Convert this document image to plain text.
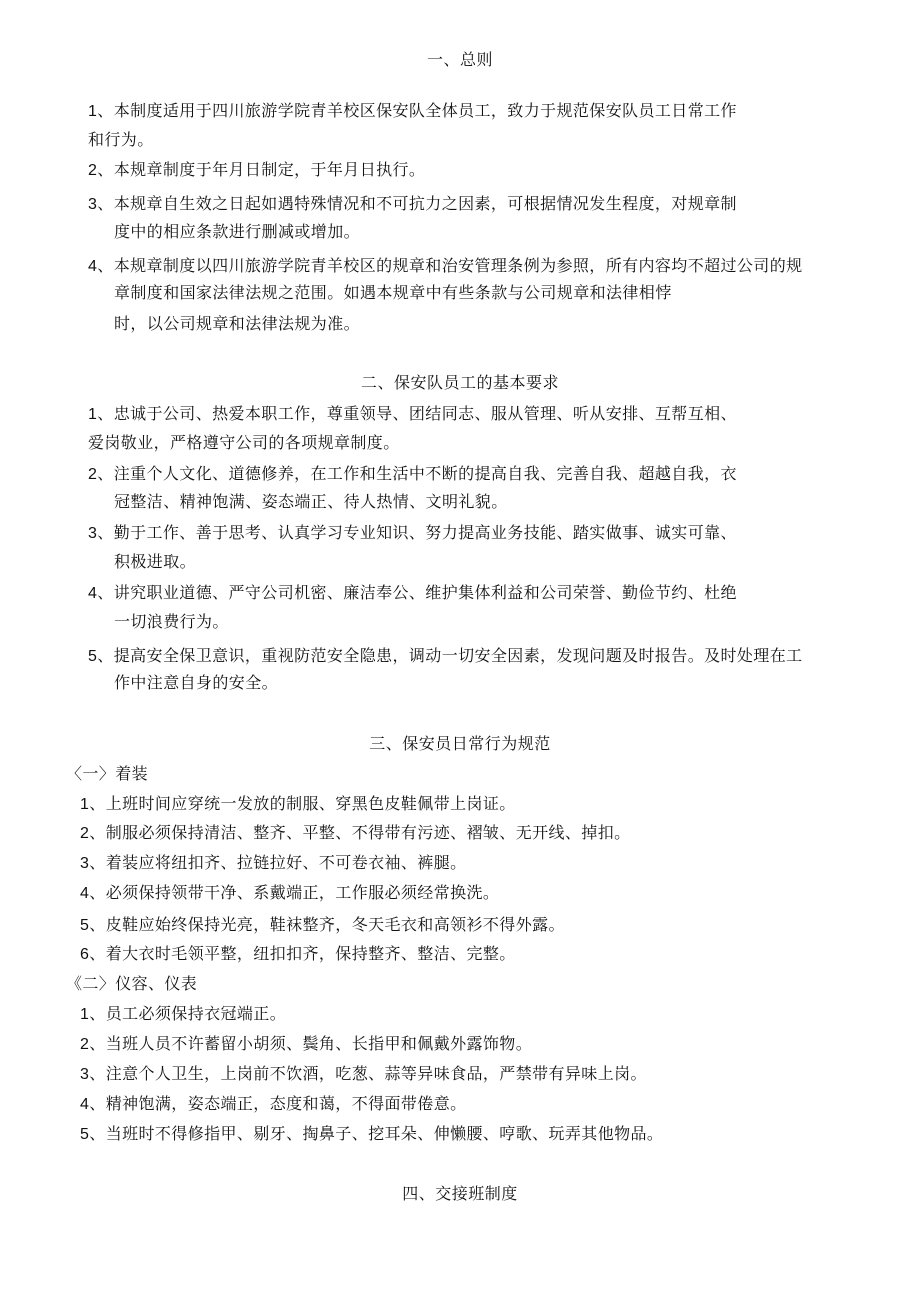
一、总则
1、本制度适用于四川旅游学院青羊校区保安队全体员工，致力于规范保安队员工日常工作
和行为。
2、本规章制度于年月日制定，于年月日执行。
3、本规章自生效之日起如遇特殊情况和不可抗力之因素，可根据情况发生程度，对规章制
度中的相应条款进行删减或增加。
4、本规章制度以四川旅游学院青羊校区的规章和治安管理条例为参照，所有内容均不超过公司的规
章制度和国家法律法规之范围。如遇本规章中有些条款与公司规章和法律相悖
时，以公司规章和法律法规为准。
二、保安队员工的基本要求
1、忠诚于公司、热爱本职工作，尊重领导、团结同志、服从管理、听从安排、互帮互相、
爱岗敬业，严格遵守公司的各项规章制度。
2、注重个人文化、道德修养，在工作和生活中不断的提高自我、完善自我、超越自我，衣
冠整洁、精神饱满、姿态端正、待人热情、文明礼貌。
3、勤于工作、善于思考、认真学习专业知识、努力提高业务技能、踏实做事、诚实可靠、
积极进取。
4、讲究职业道德、严守公司机密、廉洁奉公、维护集体利益和公司荣誉、勤俭节约、杜绝
一切浪费行为。
5、提高安全保卫意识，重视防范安全隐患，调动一切安全因素，发现问题及时报告。及时处理在工
作中注意自身的安全。
三、保安员日常行为规范
〈一〉着装
1、上班时间应穿统一发放的制服、穿黑色皮鞋佩带上岗证。
2、制服必须保持清洁、整齐、平整、不得带有污迹、褶皱、无开线、掉扣。
3、着装应将纽扣齐、拉链拉好、不可卷衣袖、裤腿。
4、必须保持领带干净、系戴端正，工作服必须经常换洗。
5、皮鞋应始终保持光亮，鞋袜整齐，冬天毛衣和高领衫不得外露。
6、着大衣时毛领平整，纽扣扣齐，保持整齐、整洁、完整。
《二〉仪容、仪表
1、员工必须保持衣冠端正。
2、当班人员不许蓄留小胡须、鬓角、长指甲和佩戴外露饰物。
3、注意个人卫生，上岗前不饮酒，吃葱、蒜等异味食品，严禁带有异味上岗。
4、精神饱满，姿态端正，态度和蔼，不得面带倦意。
5、当班时不得修指甲、剔牙、掏鼻子、挖耳朵、伸懒腰、哼歌、玩弄其他物品。
四、交接班制度
